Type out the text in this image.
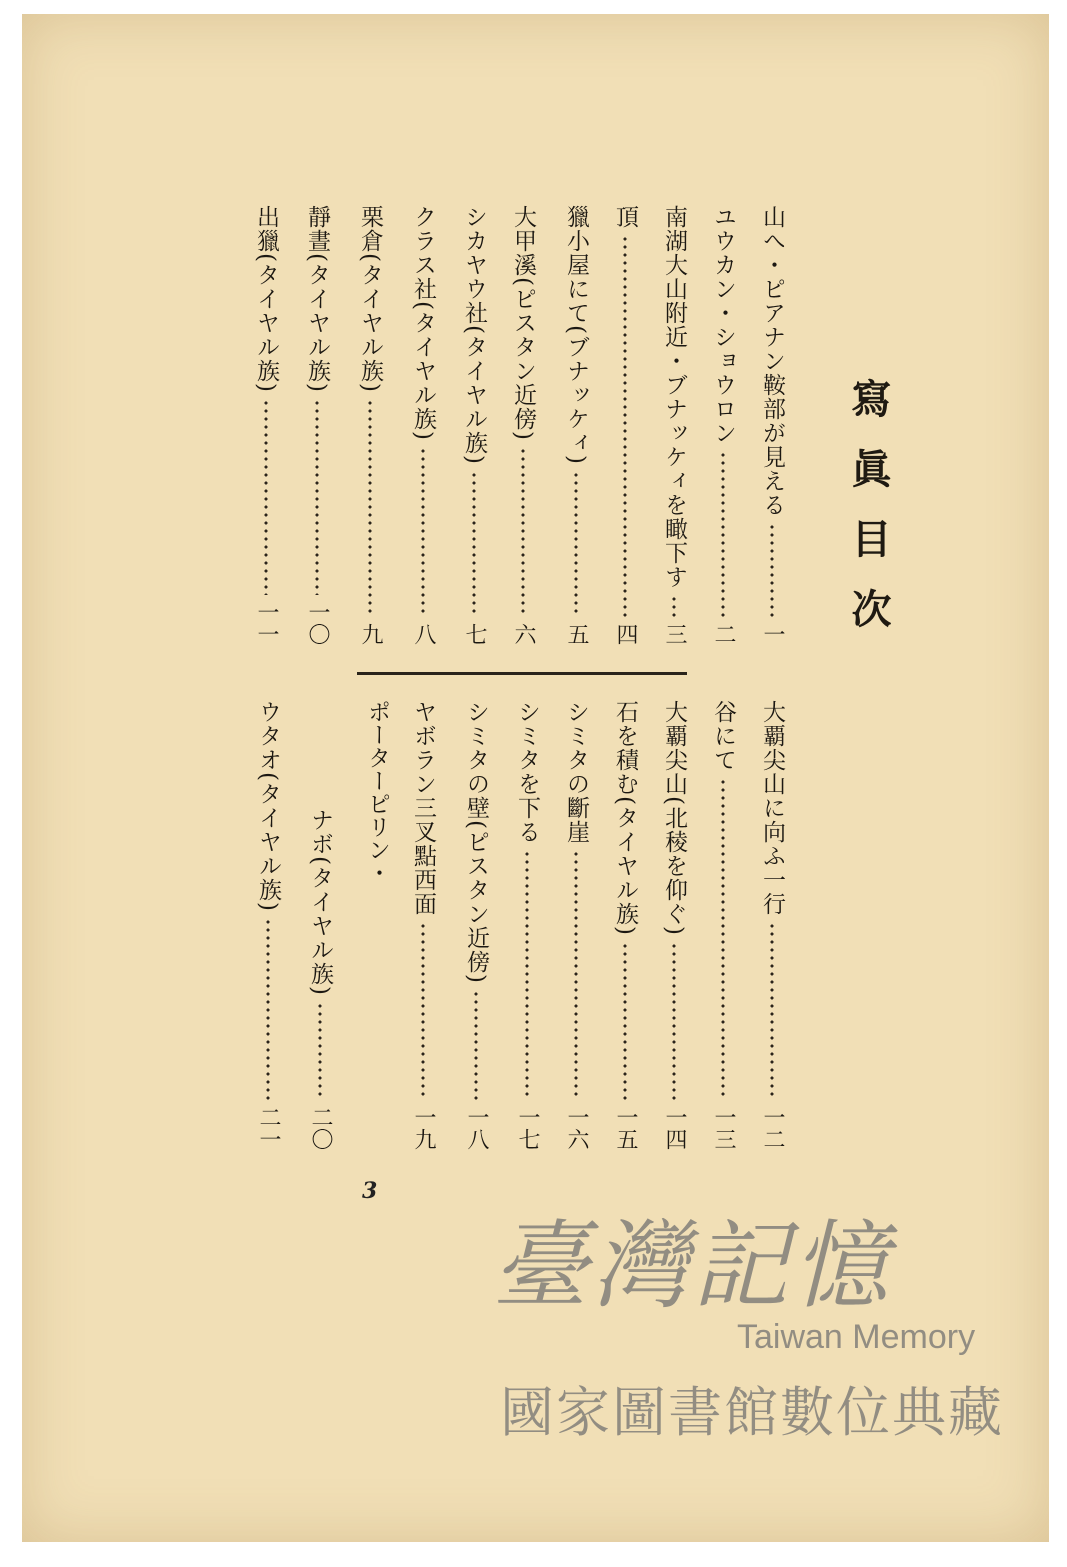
寫眞目次
山へ・ピアナン鞍部が見える
一
ユウカン・ショウロン
二
南湖大山附近・ブナッケィを瞰下す
三
頂
四
獵小屋にて(ブナッケィ)
五
大甲溪(ピスタン近傍)
六
シカヤウ社(タイヤル族)
七
クラス社(タイヤル族)
八
栗倉(タイヤル族)
九
靜晝(タイヤル族)
一〇
出獵(タイヤル族)
一一
大覇尖山に向ふ一行
一二
谷にて
一三
大覇尖山(北稜を仰ぐ)
一四
石を積む(タイヤル族)
一五
シミタの斷崖
一六
シミタを下る
一七
シミタの壁(ピスタン近傍)
一八
ヤボラン三叉點西面
一九
ポーターピリン・
ナボ(タイヤル族)
二〇
ウタオ(タイヤル族)
二一
3
臺灣記憶
Taiwan Memory
國家圖書館數位典藏
